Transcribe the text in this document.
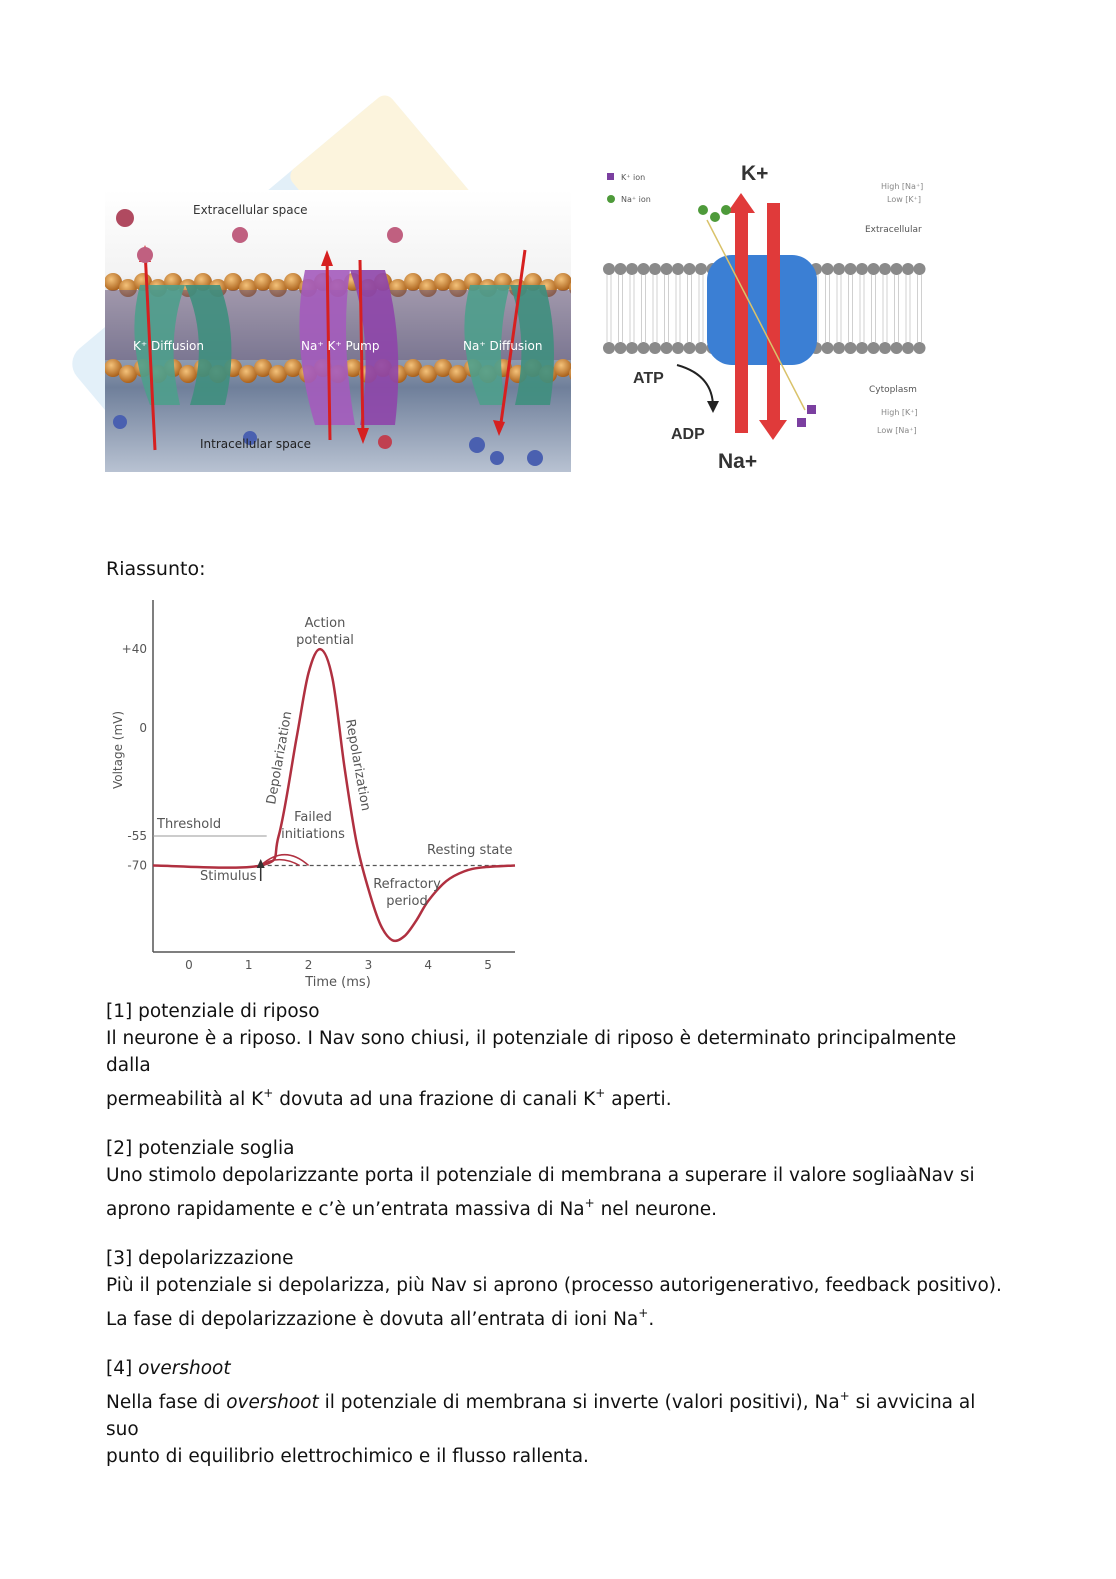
Extracellular space
Intracellular space
K⁺ Diffusion	Na⁺ K⁺ Pump	Na⁺ Diffusion
K⁺ ion
Na⁺ ion
High [Na⁺]
Low [K⁺]
Extracellular
Cytoplasm
High [K⁺]
Low [Na⁺]
K+
ATP
ADP
Na+
Riassunto:
+40
0
-55
-70
0	1	2	3	4	5
Voltage (mV)
Time (ms)
Threshold
Resting state
Action
potential
Depolarization	Repolarization
Failed
initiations
Stimulus
Refractory
period

[1] potenziale di riposo

Il neurone è a riposo. I Nav sono chiusi, il potenziale di riposo è determinato principalmente dalla

permeabilità al K+ dovuta ad una frazione di canali K+ aperti.

[2] potenziale soglia

Uno stimolo depolarizzante porta il potenziale di membrana a superare il valore sogliaàNav si

aprono rapidamente e c’è un’entrata massiva di Na+ nel neurone.

[3] depolarizzazione

Più il potenziale si depolarizza, più Nav si aprono (processo autorigenerativo, feedback positivo).

La fase di depolarizzazione è dovuta all’entrata di ioni Na+.

[4] overshoot

Nella fase di overshoot il potenziale di membrana si inverte (valori positivi), Na+ si avvicina al suo

punto di equilibrio elettrochimico e il flusso rallenta.
